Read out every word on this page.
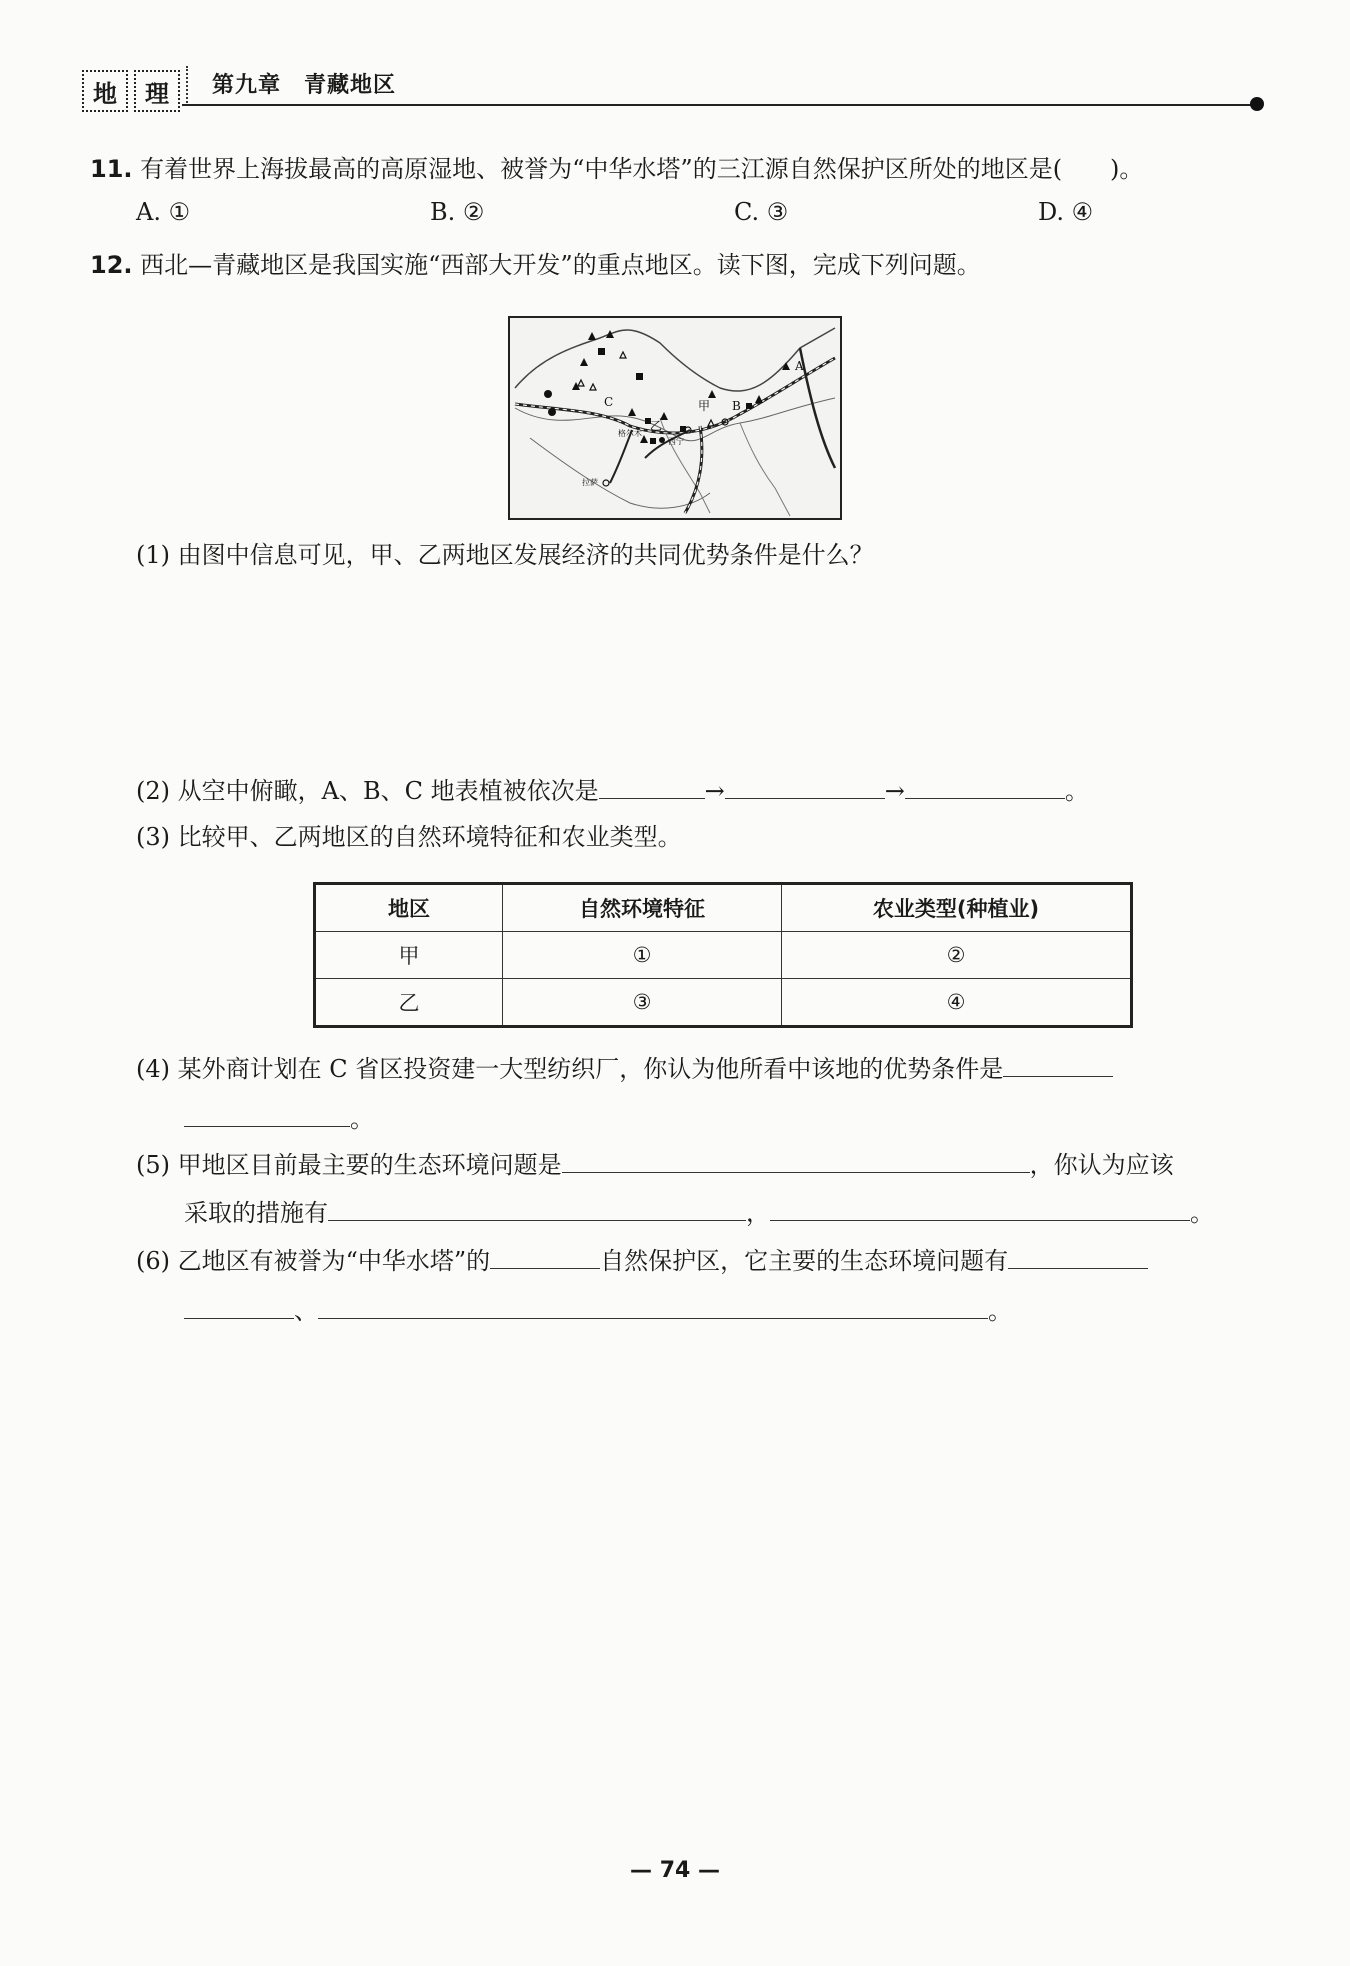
地	理	第九章　青藏地区
11. 有着世界上海拔最高的高原湿地、被誉为“中华水塔”的三江源自然保护区所处的地区是(　　)。
A. ①	B. ②	C. ③	D. ④
12. 西北—青藏地区是我国实施“西部大开发”的重点地区。读下图，完成下列问题。
A
B
C	甲
乙
格尔木
西宁
拉萨
(1) 由图中信息可见，甲、乙两地区发展经济的共同优势条件是什么？
(2) 从空中俯瞰，A、B、C 地表植被依次是	→	→	。
(3) 比较甲、乙两地区的自然环境特征和农业类型。
地区	自然环境特征	农业类型(种植业)
甲	①	②
乙	③	④
(4) 某外商计划在 C 省区投资建一大型纺织厂，你认为他所看中该地的优势条件是
。
(5) 甲地区目前最主要的生态环境问题是	，你认为应该
采取的措施有	，	。
(6) 乙地区有被誉为“中华水塔”的	自然保护区，它主要的生态环境问题有
、	。
— 74 —
